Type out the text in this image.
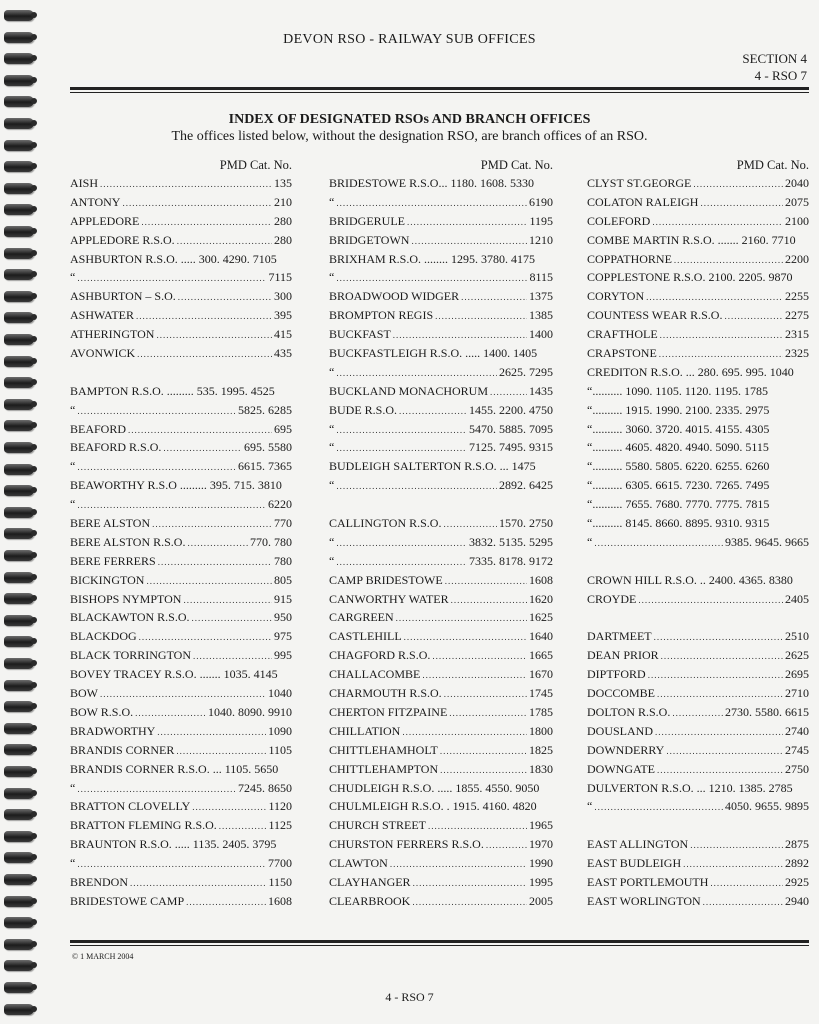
DEVON RSO - RAILWAY SUB OFFICES
SECTION 4
4 - RSO 7
INDEX OF DESIGNATED RSOs AND BRANCH OFFICES
The offices listed below, without the designation RSO, are branch offices of an RSO.
PMD Cat. No.
AISH .....	135
ANTONY .....	210
APPLEDORE .....	280
APPLEDORE R.S.O. .....	280
ASHBURTON R.S.O. ..... 300. 4290. 7105
“ .....	7115
ASHBURTON – S.O. .....	300
ASHWATER .....	395
ATHERINGTON .....	415
AVONWICK .....	435
BAMPTON R.S.O. ......... 535. 1995. 4525
“ .....	5825. 6285
BEAFORD .....	695
BEAFORD R.S.O. .....	695. 5580
“ .....	6615. 7365
BEAWORTHY R.S.O ......... 395. 715. 3810
“ .....	6220
BERE ALSTON .....	770
BERE ALSTON R.S.O. .....	770. 780
BERE FERRERS .....	780
BICKINGTON .....	805
BISHOPS NYMPTON .....	915
BLACKAWTON R.S.O. .....	950
BLACKDOG .....	975
BLACK TORRINGTON .....	995
BOVEY TRACEY R.S.O. ....... 1035. 4145
BOW .....	1040
BOW R.S.O. .....	1040. 8090. 9910
BRADWORTHY .....	1090
BRANDIS CORNER .....	1105
BRANDIS CORNER R.S.O. ... 1105. 5650
“ .....	7245. 8650
BRATTON CLOVELLY .....	1120
BRATTON FLEMING R.S.O. .....	1125
BRAUNTON R.S.O. ..... 1135. 2405. 3795
“ .....	7700
BRENDON .....	1150
BRIDESTOWE CAMP .....	1608
PMD Cat. No.
BRIDESTOWE R.S.O... 1180. 1608. 5330
“ .....	6190
BRIDGERULE .....	1195
BRIDGETOWN .....	1210
BRIXHAM R.S.O. ........ 1295. 3780. 4175
“ .....	8115
BROADWOOD WIDGER .....	1375
BROMPTON REGIS .....	1385
BUCKFAST .....	1400
BUCKFASTLEIGH R.S.O. ..... 1400. 1405
“ .....	2625. 7295
BUCKLAND MONACHORUM .....	1435
BUDE R.S.O. .....	1455. 2200. 4750
“ .....	5470. 5885. 7095
“ .....	7125. 7495. 9315
BUDLEIGH SALTERTON R.S.O. ... 1475
“ .....	2892. 6425
CALLINGTON R.S.O. .....	1570. 2750
“ .....	3832. 5135. 5295
“ .....	7335. 8178. 9172
CAMP BRIDESTOWE .....	1608
CANWORTHY WATER .....	1620
CARGREEN .....	1625
CASTLEHILL .....	1640
CHAGFORD R.S.O. .....	1665
CHALLACOMBE .....	1670
CHARMOUTH R.S.O. .....	1745
CHERTON FITZPAINE .....	1785
CHILLATION .....	1800
CHITTLEHAMHOLT .....	1825
CHITTLEHAMPTON .....	1830
CHUDLEIGH R.S.O. ..... 1855. 4550. 9050
CHULMLEIGH R.S.O. . 1915. 4160. 4820
CHURCH STREET .....	1965
CHURSTON FERRERS R.S.O. .....	1970
CLAWTON .....	1990
CLAYHANGER .....	1995
CLEARBROOK .....	2005
PMD Cat. No.
CLYST ST.GEORGE .....	2040
COLATON RALEIGH .....	2075
COLEFORD .....	2100
COMBE MARTIN R.S.O. ....... 2160. 7710
COPPATHORNE .....	2200
COPPLESTONE R.S.O. 2100. 2205. 9870
CORYTON .....	2255
COUNTESS WEAR R.S.O. .....	2275
CRAFTHOLE .....	2315
CRAPSTONE .....	2325
CREDITON R.S.O. ... 280. 695. 995. 1040
“.......... 1090. 1105. 1120. 1195. 1785
“.......... 1915. 1990. 2100. 2335. 2975
“.......... 3060. 3720. 4015. 4155. 4305
“.......... 4605. 4820. 4940. 5090. 5115
“.......... 5580. 5805. 6220. 6255. 6260
“.......... 6305. 6615. 7230. 7265. 7495
“.......... 7655. 7680. 7770. 7775. 7815
“.......... 8145. 8660. 8895. 9310. 9315
“ .....	9385. 9645. 9665
CROWN HILL R.S.O. .. 2400. 4365. 8380
CROYDE .....	2405
DARTMEET .....	2510
DEAN PRIOR .....	2625
DIPTFORD .....	2695
DOCCOMBE .....	2710
DOLTON R.S.O. .....	2730. 5580. 6615
DOUSLAND .....	2740
DOWNDERRY .....	2745
DOWNGATE .....	2750
DULVERTON R.S.O. ... 1210. 1385. 2785
“ .....	4050. 9655. 9895
EAST ALLINGTON .....	2875
EAST BUDLEIGH .....	2892
EAST PORTLEMOUTH .....	2925
EAST WORLINGTON .....	2940
© 1 MARCH 2004
4 - RSO 7
